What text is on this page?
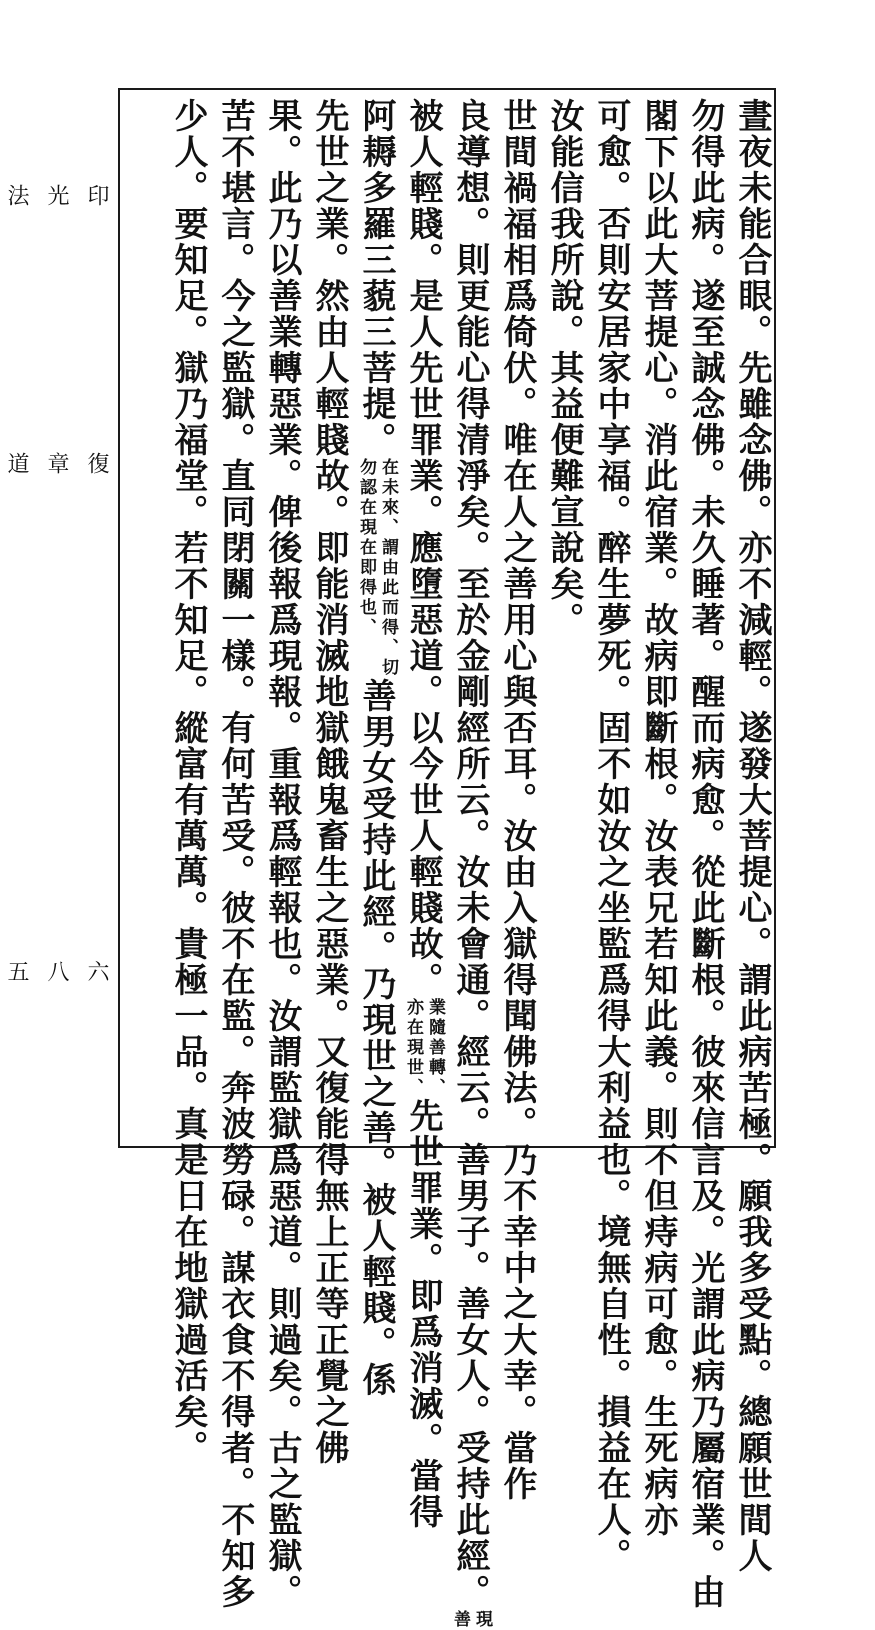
印光法
復章道
六八五	晝夜未能合眼。先雖念佛。亦不減輕。遂發大菩提心。謂此病苦極。願我多受點。總願世間人
勿得此病。遂至誠念佛。未久睡著。醒而病愈。從此斷根。彼來信言及。光謂此病乃屬宿業。由
閣下以此大菩提心。消此宿業。故病即斷根。汝表兄若知此義。則不但痔病可愈。生死病亦
可愈。否則安居家中享福。醉生夢死。固不如汝之坐監爲得大利益也。境無自性。損益在人。
汝能信我所說。其益便難宣說矣。
世間禍福相爲倚伏。唯在人之善用心與否耳。汝由入獄得聞佛法。乃不幸中之大幸。當作
良導想。則更能心得清淨矣。至於金剛經所云。汝未會通。經云。善男子。善女人。受持此經。
現
善
被人輕賤。是人先世罪業。應墮惡道。以今世人輕賤故。
業隨善轉、
亦在現世、
先世罪業。即爲消滅。當得
阿耨多羅三藐三菩提。
在未來、謂由此而得、切
勿認在現在即得也、
善男女受持此經。乃現世之善。被人輕賤。係
先世之業。然由人輕賤故。即能消滅地獄餓鬼畜生之惡業。又復能得無上正等正覺之佛
果。此乃以善業轉惡業。俾後報爲現報。重報爲輕報也。汝謂監獄爲惡道。則過矣。古之監獄。
苦不堪言。今之監獄。直同閉關一樣。有何苦受。彼不在監。奔波勞碌。謀衣食不得者。不知多
少人。要知足。獄乃福堂。若不知足。縱富有萬萬。貴極一品。真是日在地獄過活矣。
